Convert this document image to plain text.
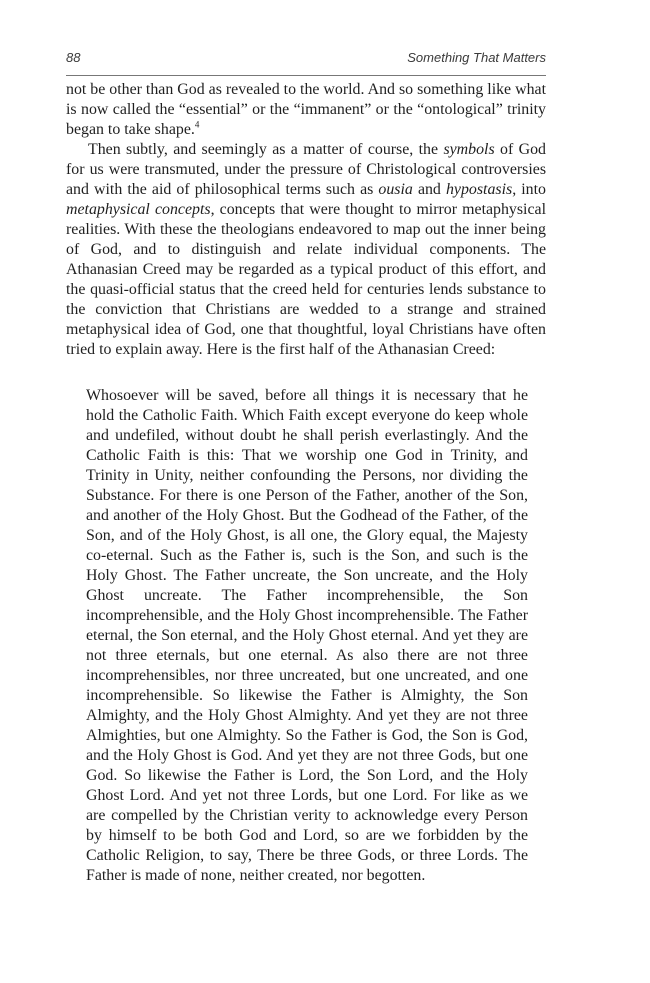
88	Something That Matters

not be other than God as revealed to the world. And so something like what is now called the “essential” or the “immanent” or the “ontological” trinity began to take shape.$^4$

Then subtly, and seemingly as a matter of course, the symbols of God for us were transmuted, under the pressure of Christological controversies and with the aid of philosophical terms such as ousia and hypostasis, into metaphysical concepts, concepts that were thought to mirror metaphysical realities. With these the theologians endeavored to map out the inner being of God, and to distinguish and relate individual components. The Athanasian Creed may be regarded as a typical product of this effort, and the quasi-official status that the creed held for centuries lends substance to the conviction that Christians are wedded to a strange and strained metaphysical idea of God, one that thoughtful, loyal Christians have often tried to explain away. Here is the first half of the Athanasian Creed:

Whosoever will be saved, before all things it is necessary that he hold the Catholic Faith. Which Faith except everyone do keep whole and undefiled, without doubt he shall perish everlastingly. And the Catholic Faith is this: That we worship one God in Trinity, and Trinity in Unity, neither confounding the Persons, nor dividing the Substance. For there is one Person of the Father, another of the Son, and another of the Holy Ghost. But the Godhead of the Father, of the Son, and of the Holy Ghost, is all one, the Glory equal, the Majesty co-eternal. Such as the Father is, such is the Son, and such is the Holy Ghost. The Father uncreate, the Son uncreate, and the Holy Ghost uncreate. The Father incomprehensible, the Son incomprehensible, and the Holy Ghost incomprehensible. The Father eternal, the Son eternal, and the Holy Ghost eternal. And yet they are not three eternals, but one eternal. As also there are not three incomprehensibles, nor three uncreated, but one uncreated, and one incomprehensible. So likewise the Father is Almighty, the Son Almighty, and the Holy Ghost Almighty. And yet they are not three Almighties, but one Almighty. So the Father is God, the Son is God, and the Holy Ghost is God. And yet they are not three Gods, but one God. So likewise the Father is Lord, the Son Lord, and the Holy Ghost Lord. And yet not three Lords, but one Lord. For like as we are compelled by the Christian verity to acknowledge every Person by himself to be both God and Lord, so are we forbidden by the Catholic Religion, to say, There be three Gods, or three Lords. The Father is made of none, neither created, nor begotten.
